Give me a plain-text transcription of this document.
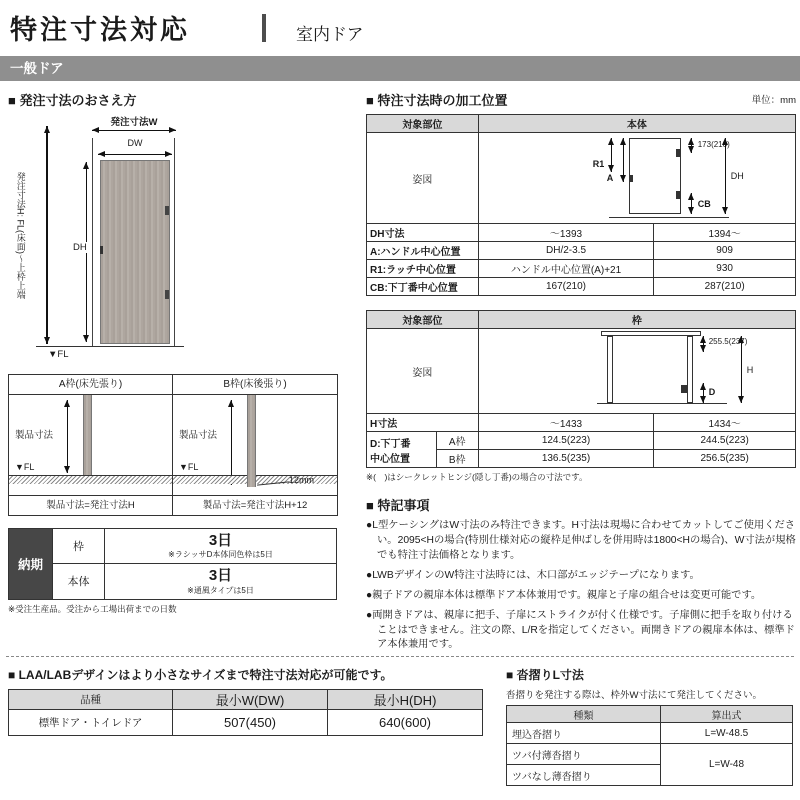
特注寸法対応	室内ドア
一般ドア
■ 発注寸法のおさえ方
発注寸法W
DW
DH
発注寸法H: FL(床面)〜上枠上端
▼FL
A枠(床先張り)	B枠(床後張り)
製品寸法
▼FL
製品寸法
▼FL
12mm
製品寸法=発注寸法H	製品寸法=発注寸法H+12
納期	枠	3日
※ラシッサD本体同色枠は5日

	本体	3日
※通風タイプは5日
※受注生産品。受注から工場出荷までの日数
■ 特注寸法時の加工位置	単位：mm
対象部位	本体	
姿図	R1
A
173(210)
DH
CB	

DH寸法	〜1393	1394〜
A:ハンドル中心位置	DH/2-3.5	909
R1:ラッチ中心位置	ハンドル中心位置(A)+21	930
CB:下丁番中心位置	167(210)	287(210)
対象部位		枠	
姿図		255.5(237)
H
D	

H寸法		〜1433	1434〜
D:下丁番
中心位置	A枠	124.5(223)	244.5(223)
	B枠	136.5(235)	256.5(235)
※(　)はシークレットヒンジ(隠し丁番)の場合の寸法です。
■ 特記事項
●L型ケーシングはW寸法のみ特注できます。H寸法は現場に合わせてカットしてご使用ください。2095<Hの場合(特別仕様対応の縦枠足伸ばしを併用時は1800<Hの場合)、W寸法が規格でも特注寸法価格となります。
●LWBデザインのW特注寸法時には、木口部がエッジテープになります。
●親子ドアの親扉本体は標準ドア本体兼用です。親扉と子扉の組合せは変更可能です。
●両開きドアは、親扉に把手、子扉にストライクが付く仕様です。子扉側に把手を取り付けることはできません。注文の際、L/Rを指定してください。両開きドアの親扉本体は、標準ドア本体兼用です。
■ LAA/LABデザインはより小さなサイズまで特注寸法対応が可能です。
品種	最小W(DW)	最小H(DH)
標準ドア・トイレドア	507(450)	640(600)
■ 沓摺りL寸法
沓摺りを発注する際は、枠外W寸法にて発注してください。
種類	算出式
埋込沓摺り	L=W-48.5
ツバ付薄沓摺り	L=W-48
ツバなし薄沓摺り	
